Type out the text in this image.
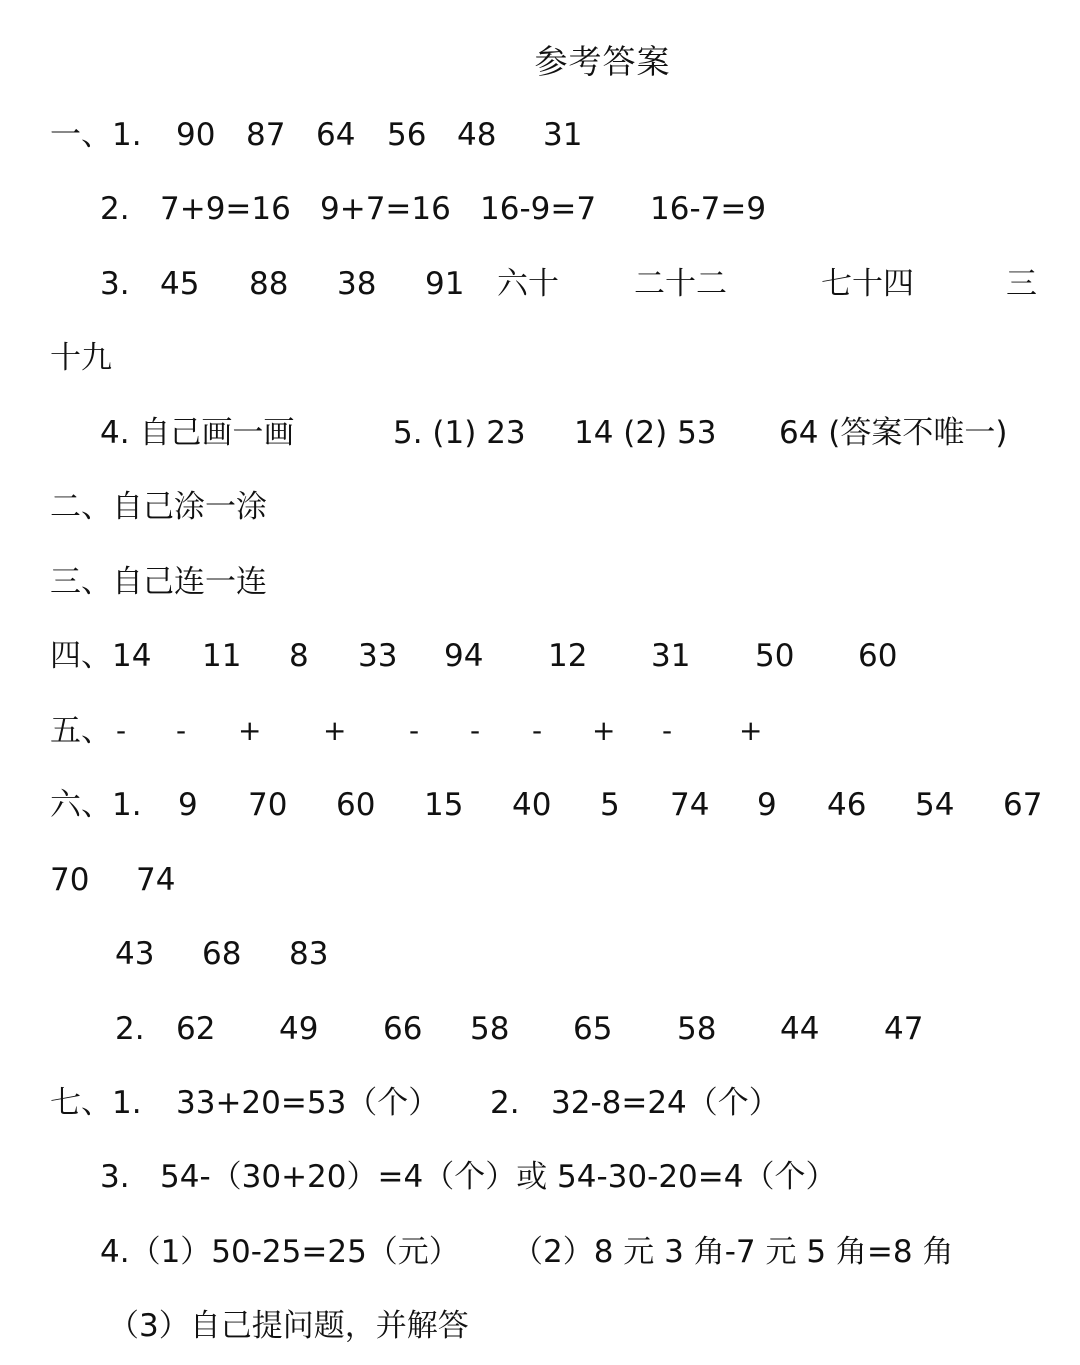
参考答案
一、1. 90 87 64 56 48 31
2. 7+9=16 9+7=16 16-9=7 16-7=9
3. 45 88 38 91 六十 二十二	七十四	三
十九
4. 自己画一画	5. (1) 23 14 (2) 53 64 (答案不唯一)
二、自己涂一涂
三、自己连一连
四、14 11 8 33 94 12 31 50 60
五、 - - + + - - - + - +
六、1. 9 70 60 15 40 5 74 9 46 54 67
70 74
43 68 83
2. 62 49 66 58 65 58 44 47
七、1. 33+20=53（个） 2. 32-8=24（个）
3. 54-（30+20）=4（个）或 54-30-20=4（个）
4.（1）50-25=25（元） （2）8 元 3 角-7 元 5 角=8 角
（3）自己提问题，并解答
